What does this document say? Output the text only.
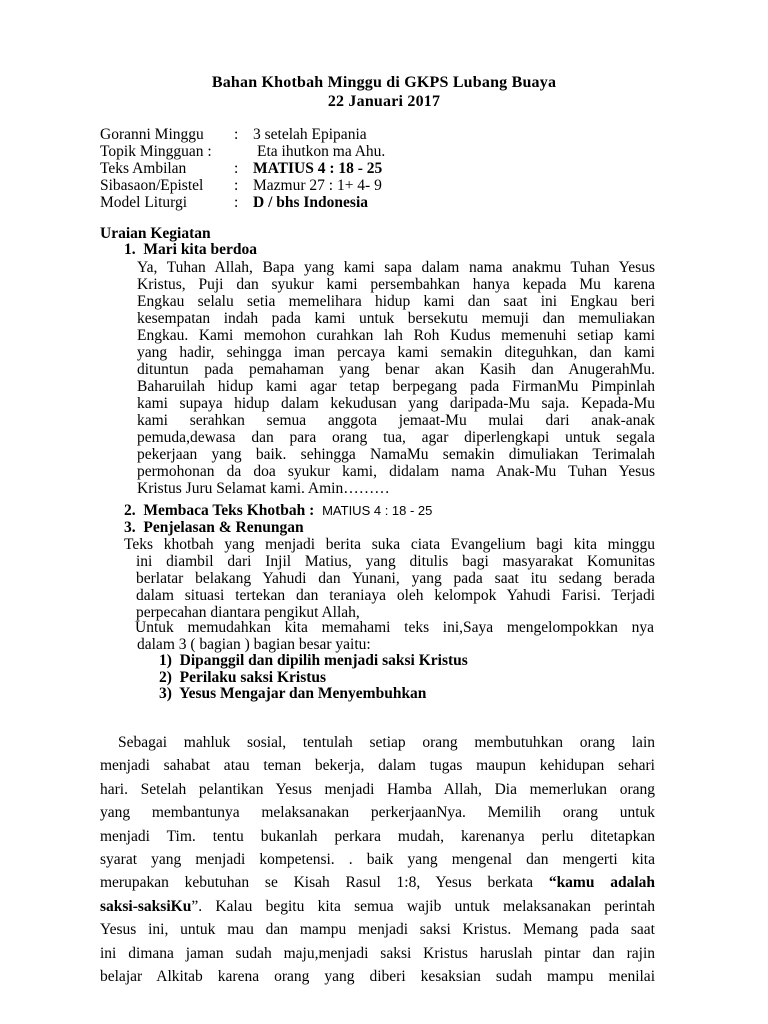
Bahan Khotbah Minggu di GKPS Lubang Buaya
22 Januari 2017
Goranni Minggu : 3 setelah Epipania
Topik Mingguan :	Eta ihutkon ma Ahu.
Teks Ambilan	: MATIUS 4 : 18 - 25
Sibasaon/Epistel : Mazmur 27 : 1+ 4- 9
Model Liturgi	: D / bhs Indonesia
Uraian Kegiatan
1. Mari kita berdoa
Ya, Tuhan Allah, Bapa yang kami sapa dalam nama anakmu Tuhan Yesus
Kristus, Puji dan syukur kami persembahkan hanya kepada Mu karena
Engkau selalu setia memelihara hidup kami dan saat ini Engkau beri
kesempatan indah pada kami untuk bersekutu memuji dan memuliakan
Engkau. Kami memohon curahkan lah Roh Kudus memenuhi setiap kami
yang hadir, sehingga iman percaya kami semakin diteguhkan, dan kami
dituntun pada pemahaman yang benar akan Kasih dan AnugerahMu.
Baharuilah hidup kami agar tetap berpegang pada FirmanMu Pimpinlah
kami supaya hidup dalam kekudusan yang daripada-Mu saja. Kepada-Mu
kami serahkan semua anggota jemaat-Mu mulai dari anak-anak
pemuda,dewasa dan para orang tua, agar diperlengkapi untuk segala
pekerjaan yang baik. sehingga NamaMu semakin dimuliakan Terimalah
permohonan da doa syukur kami, didalam nama Anak-Mu Tuhan Yesus
Kristus Juru Selamat kami. Amin………
2. Membaca Teks Khotbah : MATIUS 4 : 18 - 25
3. Penjelasan & Renungan
Teks khotbah yang menjadi berita suka ciata Evangelium bagi kita minggu
ini diambil dari Injil Matius, yang ditulis bagi masyarakat Komunitas
berlatar belakang Yahudi dan Yunani, yang pada saat itu sedang berada
dalam situasi tertekan dan teraniaya oleh kelompok Yahudi Farisi. Terjadi
perpecahan diantara pengikut Allah,
Untuk memudahkan kita memahami teks ini,Saya mengelompokkan nya
dalam 3 ( bagian ) bagian besar yaitu:
1) Dipanggil dan dipilih menjadi saksi Kristus
2) Perilaku saksi Kristus
3) Yesus Mengajar dan Menyembuhkan
Sebagai mahluk sosial, tentulah setiap orang membutuhkan orang lain
menjadi sahabat atau teman bekerja, dalam tugas maupun kehidupan sehari
hari. Setelah pelantikan Yesus menjadi Hamba Allah, Dia memerlukan orang
yang membantunya melaksanakan perkerjaanNya. Memilih orang untuk
menjadi Tim. tentu bukanlah perkara mudah, karenanya perlu ditetapkan
syarat yang menjadi kompetensi. . baik yang mengenal dan mengerti kita
merupakan kebutuhan se Kisah Rasul 1:8, Yesus berkata “kamu adalah
saksi-saksiKu”. Kalau begitu kita semua wajib untuk melaksanakan perintah
Yesus ini, untuk mau dan mampu menjadi saksi Kristus. Memang pada saat
ini dimana jaman sudah maju,menjadi saksi Kristus haruslah pintar dan rajin
belajar Alkitab karena orang yang diberi kesaksian sudah mampu menilai
